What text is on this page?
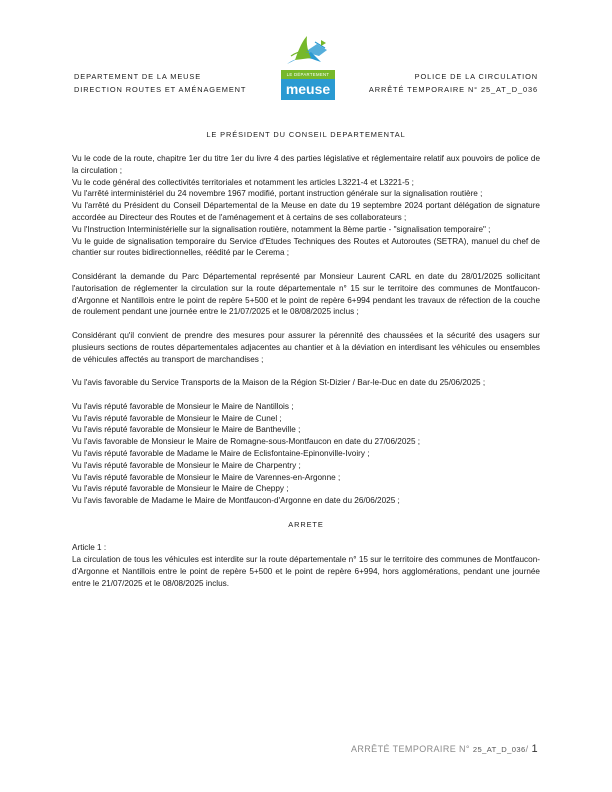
DEPARTEMENT DE LA MEUSE
DIRECTION ROUTES ET AMÉNAGEMENT
LE DÉPARTEMENT
meuse
POLICE DE LA CIRCULATION
ARRÊTÉ TEMPORAIRE N° 25_AT_D_036
LE PRÉSIDENT DU CONSEIL DEPARTEMENTAL

Vu le code de la route, chapitre 1er du titre 1er du livre 4 des parties législative et réglementaire relatif aux pouvoirs de police de la circulation ;

Vu le code général des collectivités territoriales et notamment les articles L3221-4 et L3221-5 ;

Vu l'arrêté interministériel du 24 novembre 1967 modifié, portant instruction générale sur la signalisation routière ;

Vu l'arrêté du Président du Conseil Départemental de la Meuse en date du 19 septembre 2024 portant délégation de signature accordée au Directeur des Routes et de l'aménagement et à certains de ses collaborateurs ;

Vu l'Instruction Interministérielle sur la signalisation routière, notamment la 8ème partie - "signalisation temporaire" ;

Vu le guide de signalisation temporaire du Service d'Etudes Techniques des Routes et Autoroutes (SETRA), manuel du chef de chantier sur routes bidirectionnelles, réédité par le Cerema ;

Considérant la demande du Parc Départemental représenté par Monsieur Laurent CARL en date du 28/01/2025 sollicitant l'autorisation de réglementer la circulation sur la route départementale n° 15 sur le territoire des communes de Montfaucon-d'Argonne et Nantillois entre le point de repère 5+500 et le point de repère 6+994 pendant les travaux de réfection de la couche de roulement pendant une journée entre le 21/07/2025 et le 08/08/2025 inclus ;

Considérant qu'il convient de prendre des mesures pour assurer la pérennité des chaussées et la sécurité des usagers sur plusieurs sections de routes départementales adjacentes au chantier et à la déviation en interdisant les véhicules ou ensembles de véhicules affectés au transport de marchandises ;

Vu l'avis favorable du Service Transports de la Maison de la Région St-Dizier / Bar-le-Duc en date du 25/06/2025 ;

Vu l'avis réputé favorable de Monsieur le Maire de Nantillois ;

Vu l'avis réputé favorable de Monsieur le Maire de Cunel ;

Vu l'avis réputé favorable de Monsieur le Maire de Bantheville ;

Vu l'avis favorable de Monsieur le Maire de Romagne-sous-Montfaucon en date du 27/06/2025 ;

Vu l'avis réputé favorable de Madame le Maire de Eclisfontaine-Epinonville-Ivoiry ;

Vu l'avis réputé favorable de Monsieur le Maire de Charpentry ;

Vu l'avis réputé favorable de Monsieur le Maire de Varennes-en-Argonne ;

Vu l'avis réputé favorable de Monsieur le Maire de Cheppy ;

Vu l'avis favorable de Madame le Maire de Montfaucon-d'Argonne en date du 26/06/2025 ;

ARRETE

Article 1 :

La circulation de tous les véhicules est interdite sur la route départementale n° 15 sur le territoire des communes de Montfaucon-d'Argonne et Nantillois entre le point de repère 5+500 et le point de repère 6+994, hors agglomérations, pendant une journée entre le 21/07/2025 et le 08/08/2025 inclus.

ARRÊTÉ TEMPORAIRE N° 25_AT_D_036/ 1
